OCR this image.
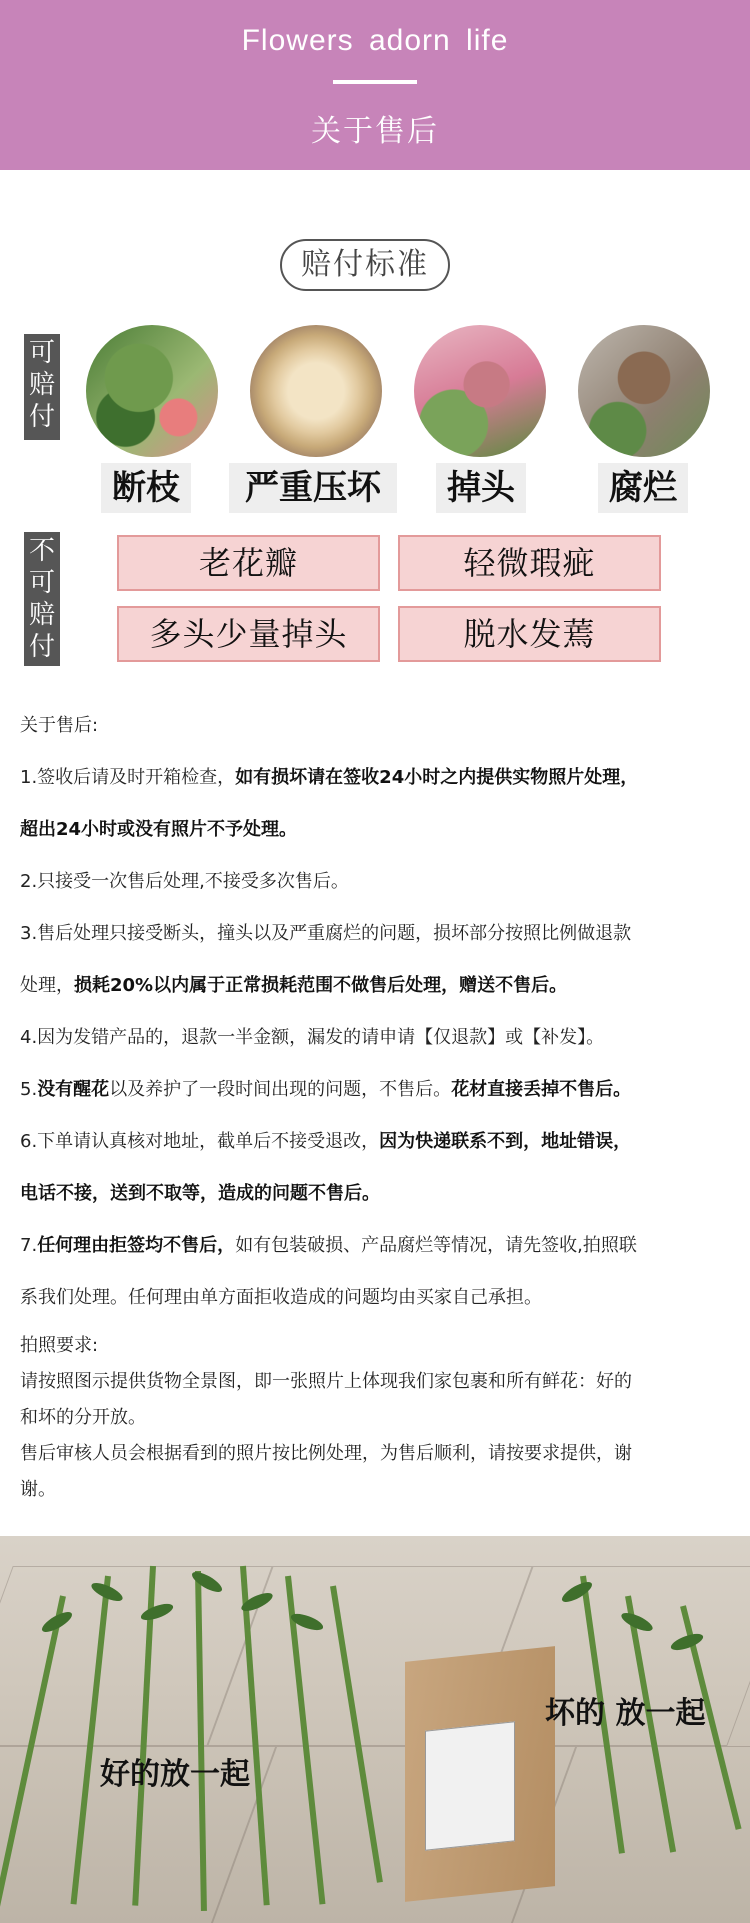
Flowers adorn life
关于售后
赔付标准
可
赔
付
断枝	严重压坏	掉头	腐烂
不
可
赔
付
老花瓣	轻微瑕疵
多头少量掉头	脱水发蔫
关于售后:
1.签收后请及时开箱检查，如有损坏请在签收24小时之内提供实物照片处理，
超出24小时或没有照片不予处理。
2.只接受一次售后处理,不接受多次售后。
3.售后处理只接受断头，撞头以及严重腐烂的问题，损坏部分按照比例做退款
处理，损耗20%以内属于正常损耗范围不做售后处理，赠送不售后。
4.因为发错产品的，退款一半金额，漏发的请申请【仅退款】或【补发】。
5.没有醒花以及养护了一段时间出现的问题，不售后。花材直接丢掉不售后。
6.下单请认真核对地址，截单后不接受退改，因为快递联系不到，地址错误，
电话不接，送到不取等，造成的问题不售后。
7.任何理由拒签均不售后，如有包装破损、产品腐烂等情况，请先签收,拍照联
系我们处理。任何理由单方面拒收造成的问题均由买家自己承担。
拍照要求:
请按照图示提供货物全景图，即一张照片上体现我们家包裹和所有鲜花：好的
和坏的分开放。
售后审核人员会根据看到的照片按比例处理，为售后顺利，请按要求提供，谢
谢。
好的放一起
坏的 放一起
